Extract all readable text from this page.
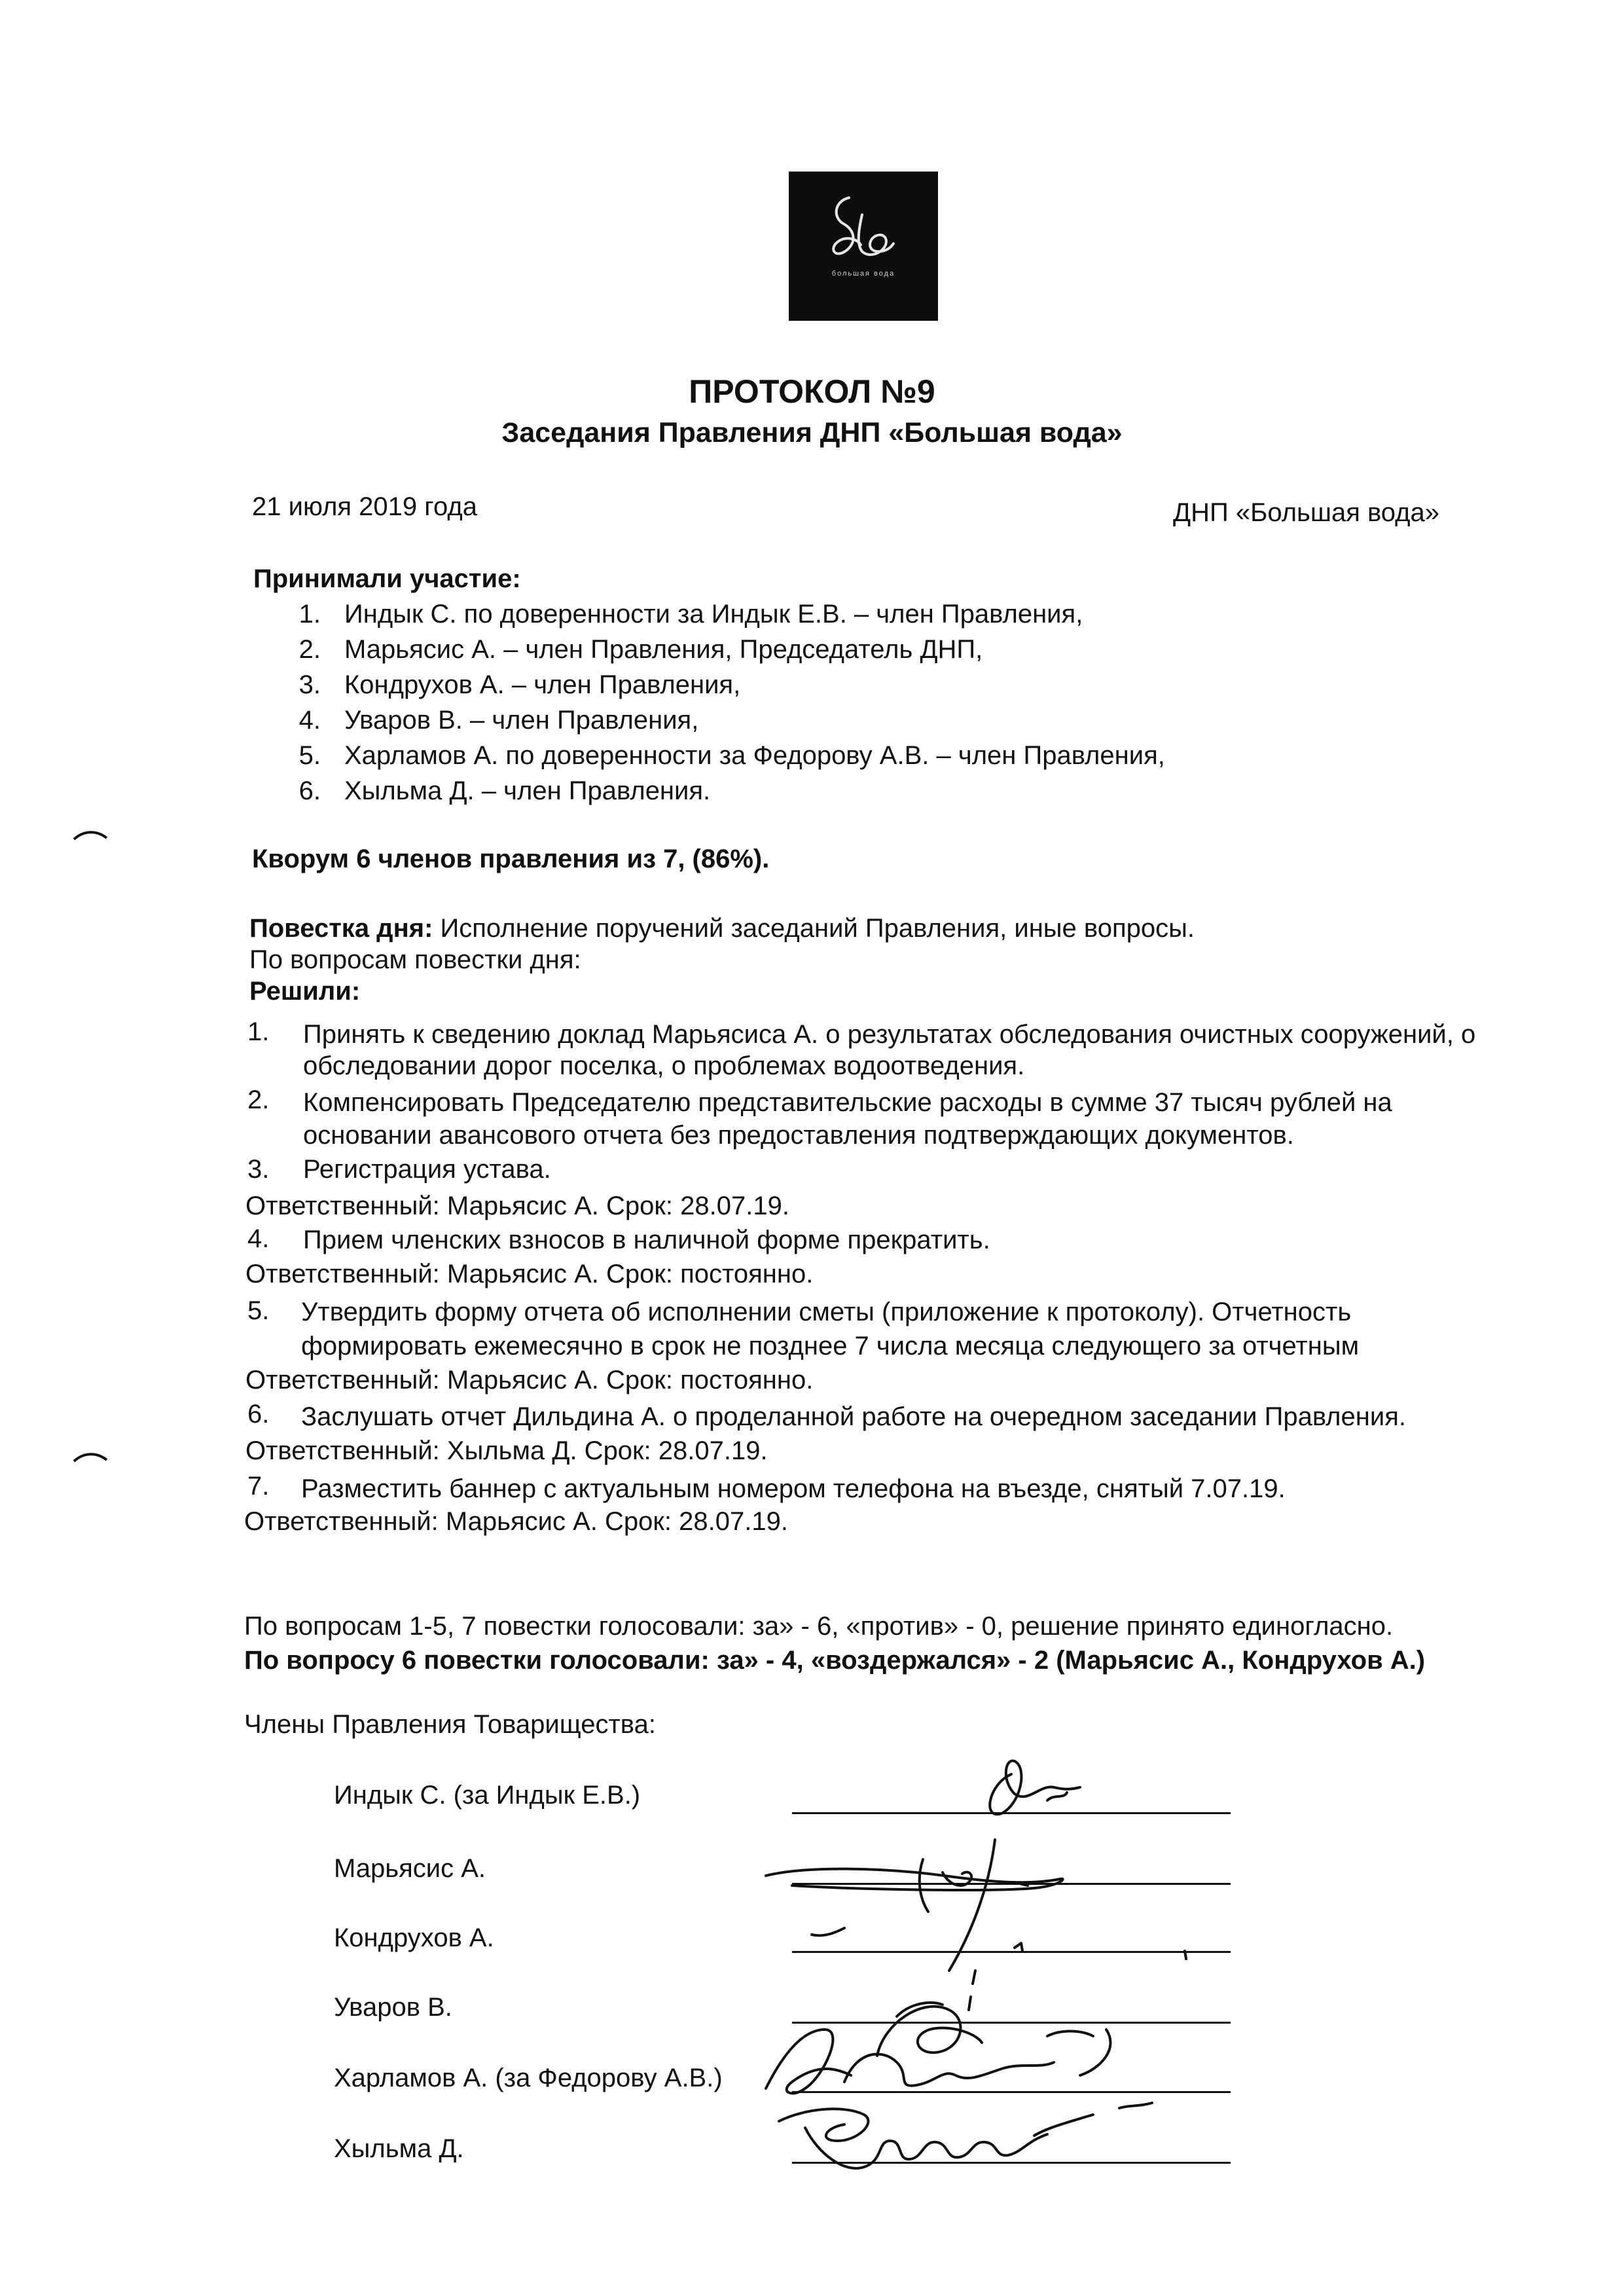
большая вода
ПРОТОКОЛ №9
Заседания Правления ДНП «Большая вода»
21 июля 2019 года	ДНП «Большая вода»
Принимали участие:
1. Индык С. по доверенности за Индык Е.В. – член Правления,
2. Марьясис А. – член Правления, Председатель ДНП,
3. Кондрухов А. – член Правления,
4. Уваров В. – член Правления,
5. Харламов А. по доверенности за Федорову А.В. – член Правления,
6. Хыльма Д. – член Правления.
Кворум 6 членов правления из 7, (86%).
Повестка дня: Исполнение поручений заседаний Правления, иные вопросы.
По вопросам повестки дня:
Решили:
1. Принять к сведению доклад Марьясиса А. о результатах обследования очистных сооружений, о
обследовании дорог поселка, о проблемах водоотведения.
2. Компенсировать Председателю представительские расходы в сумме 37 тысяч рублей на
основании авансового отчета без предоставления подтверждающих документов.
3. Регистрация устава.
Ответственный: Марьясис А. Срок: 28.07.19.
4. Прием членских взносов в наличной форме прекратить.
Ответственный: Марьясис А. Срок: постоянно.
5. Утвердить форму отчета об исполнении сметы (приложение к протоколу). Отчетность
формировать ежемесячно в срок не позднее 7 числа месяца следующего за отчетным
Ответственный: Марьясис А. Срок: постоянно.
6. Заслушать отчет Дильдина А. о проделанной работе на очередном заседании Правления.
Ответственный: Хыльма Д. Срок: 28.07.19.
7. Разместить баннер с актуальным номером телефона на въезде, снятый 7.07.19.
Ответственный: Марьясис А. Срок: 28.07.19.
По вопросам 1-5, 7 повестки голосовали: за» - 6, «против» - 0, решение принято единогласно.
По вопросу 6 повестки голосовали: за» - 4, «воздержался» - 2 (Марьясис А., Кондрухов А.)
Члены Правления Товарищества:
Индык С. (за Индык Е.В.)
Марьясис А.
Кондрухов А.
Уваров В.
Харламов А. (за Федорову А.В.)
Хыльма Д.
